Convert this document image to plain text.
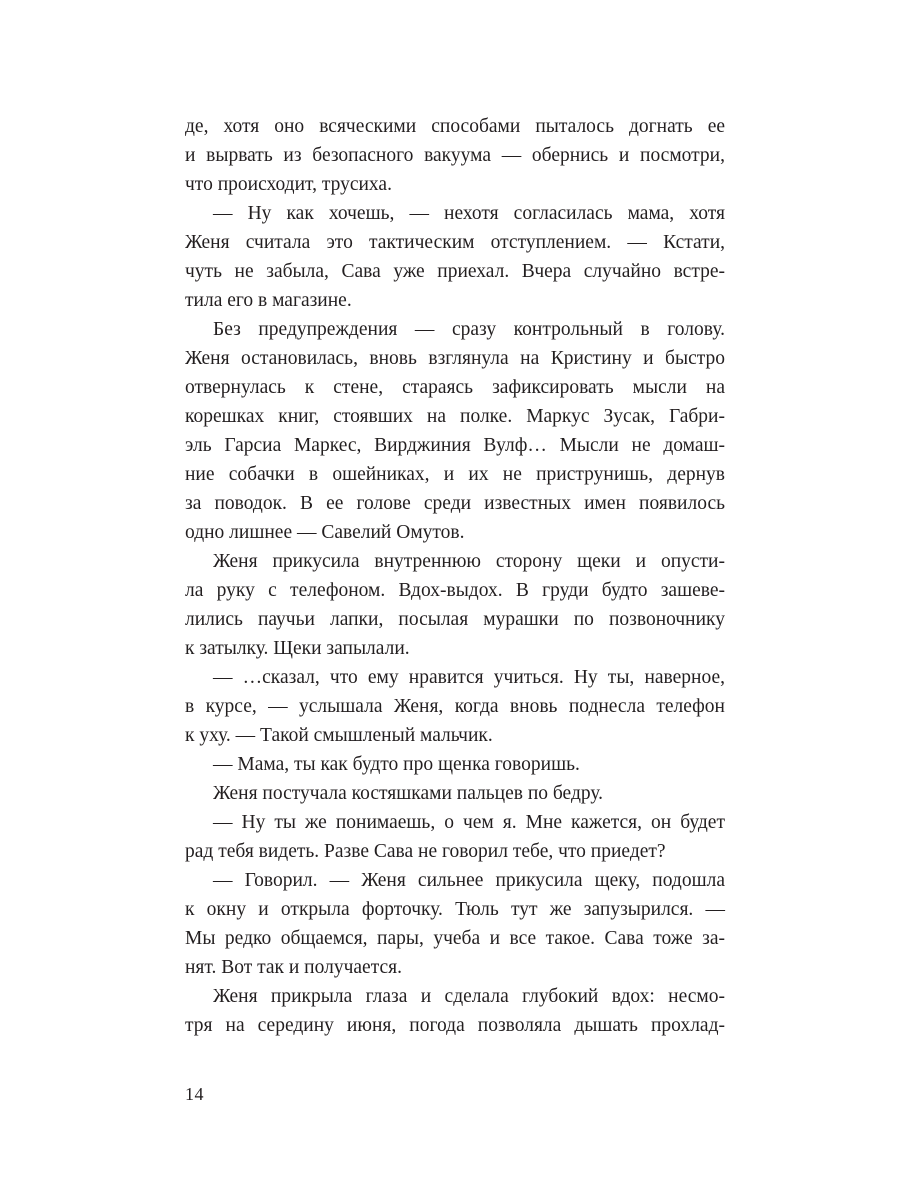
де, хотя оно всяческими способами пыталось догнать ее
и вырвать из безопасного вакуума — обернись и посмотри,
что происходит, трусиха.
— Ну как хочешь, — нехотя согласилась мама, хотя
Женя считала это тактическим отступлением. — Кстати,
чуть не забыла, Сава уже приехал. Вчера случайно встре-
тила его в магазине.
Без предупреждения — сразу контрольный в голову.
Женя остановилась, вновь взглянула на Кристину и быстро
отвернулась к стене, стараясь зафиксировать мысли на
корешках книг, стоявших на полке. Маркус Зусак, Габри-
эль Гарсиа Маркес, Вирджиния Вулф… Мысли не домаш-
ние собачки в ошейниках, и их не приструнишь, дернув
за поводок. В ее голове среди известных имен появилось
одно лишнее — Савелий Омутов.
Женя прикусила внутреннюю сторону щеки и опусти-
ла руку с телефоном. Вдох-выдох. В груди будто зашеве-
лились паучьи лапки, посылая мурашки по позвоночнику
к затылку. Щеки запылали.
— …сказал, что ему нравится учиться. Ну ты, наверное,
в курсе, — услышала Женя, когда вновь поднесла телефон
к уху. — Такой смышленый мальчик.
— Мама, ты как будто про щенка говоришь.
Женя постучала костяшками пальцев по бедру.
— Ну ты же понимаешь, о чем я. Мне кажется, он будет
рад тебя видеть. Разве Сава не говорил тебе, что приедет?
— Говорил. — Женя сильнее прикусила щеку, подошла
к окну и открыла форточку. Тюль тут же запузырился. —
Мы редко общаемся, пары, учеба и все такое. Сава тоже за-
нят. Вот так и получается.
Женя прикрыла глаза и сделала глубокий вдох: несмо-
тря на середину июня, погода позволяла дышать прохлад-
14
